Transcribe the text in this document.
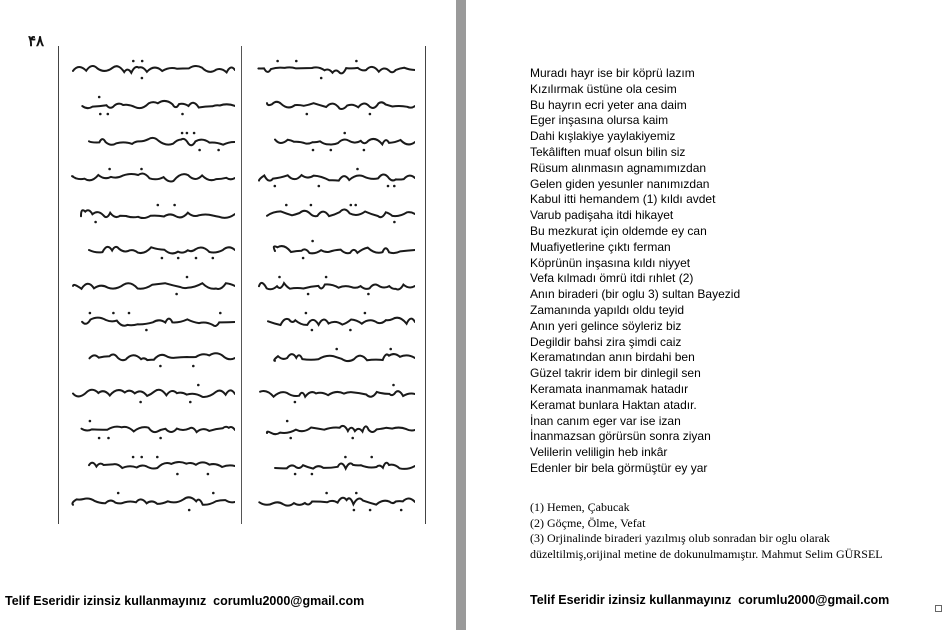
۴۸
Telif Eseridir izinsiz kullanmayınız  corumlu2000@gmail.com
Muradı hayr ise bir köprü lazım
Kızılırmak üstüne ola cesim
Bu hayrın ecri yeter ana daim
Eger inşasına olursa kaim
Dahi kışlakiye yaylakiyemiz
Tekâliften muaf olsun bilin siz
Rüsum alınmasın agnamımızdan
Gelen giden yesunler nanımızdan
Kabul itti hemandem (1) kıldı avdet
Varub padişaha itdi hikayet
Bu mezkurat için oldemde ey can
Muafiyetlerine çıktı ferman
Köprünün inşasına kıldı niyyet
Vefa kılmadı ömrü itdi rıhlet (2)
Anın biraderi (bir oglu 3) sultan Bayezid
Zamanında yapıldı oldu teyid
Anın yeri gelince söyleriz biz
Degildir bahsi zira şimdi caiz
Keramatından anın birdahi ben
Güzel takrir idem bir dinlegil sen
Keramata inanmamak hatadır
Keramat bunlara Haktan atadır.
İnan canım eger var ise izan
İnanmazsan görürsün sonra ziyan
Velilerin veliligin heb inkâr
Edenler bir bela görmüştür ey yar
(1) Hemen, Çabucak
(2) Göçme, Ölme, Vefat
(3) Orjinalinde biraderi yazılmış olub sonradan bir oglu olarak
düzeltilmiş,orijinal metine de dokunulmamıştır. Mahmut Selim GÜRSEL
Telif Eseridir izinsiz kullanmayınız  corumlu2000@gmail.com
